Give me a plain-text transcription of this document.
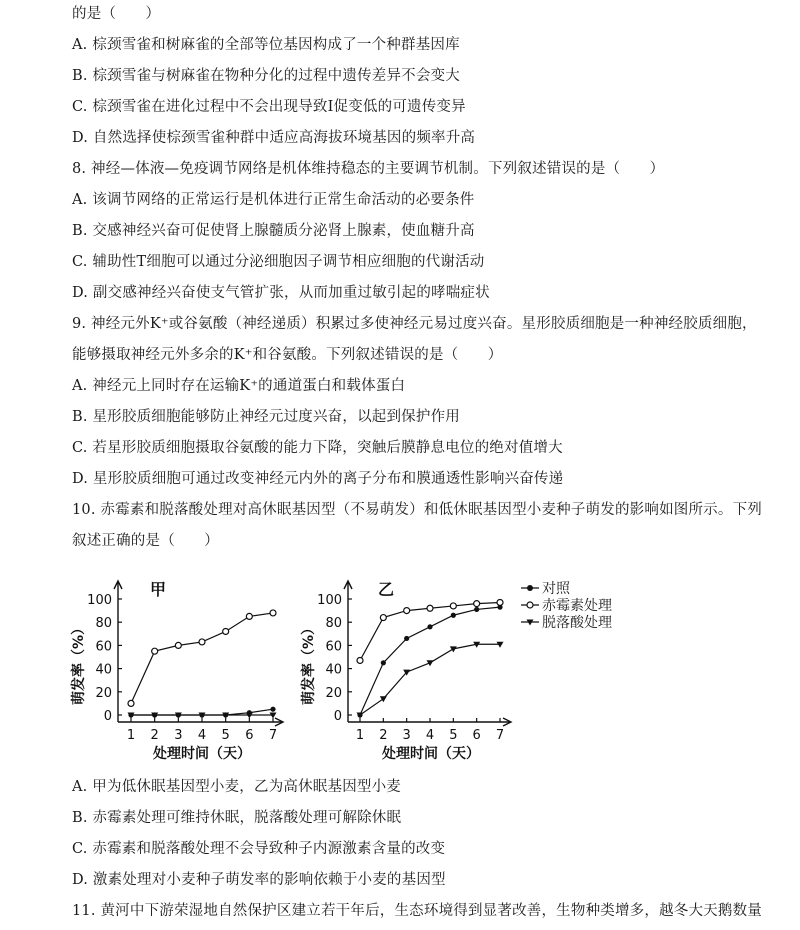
的是（　　）
A. 棕颈雪雀和树麻雀的全部等位基因构成了一个种群基因库
B. 棕颈雪雀与树麻雀在物种分化的过程中遗传差异不会变大
C. 棕颈雪雀在进化过程中不会出现导致Ⅰ促变低的可遗传变异
D. 自然选择使棕颈雪雀种群中适应高海拔环境基因的频率升高
8. 神经—体液—免疫调节网络是机体维持稳态的主要调节机制。下列叙述错误的是（　　）
A. 该调节网络的正常运行是机体进行正常生命活动的必要条件
B. 交感神经兴奋可促使肾上腺髓质分泌肾上腺素，使血糖升高
C. 辅助性T细胞可以通过分泌细胞因子调节相应细胞的代谢活动
D. 副交感神经兴奋使支气管扩张，从而加重过敏引起的哮喘症状
9. 神经元外K⁺或谷氨酸（神经递质）积累过多使神经元易过度兴奋。星形胶质细胞是一种神经胶质细胞，
能够摄取神经元外多余的K⁺和谷氨酸。下列叙述错误的是（　　）
A. 神经元上同时存在运输K⁺的通道蛋白和载体蛋白
B. 星形胶质细胞能够防止神经元过度兴奋，以起到保护作用
C. 若星形胶质细胞摄取谷氨酸的能力下降，突触后膜静息电位的绝对值增大
D. 星形胶质细胞可通过改变神经元内外的离子分布和膜通透性影响兴奋传递
10. 赤霉素和脱落酸处理对高休眠基因型（不易萌发）和低休眠基因型小麦种子萌发的影响如图所示。下列
叙述正确的是（　　）
甲
0
20
40
60
80
100
1 2 3 4 5 6 7
处理时间（天）
萌发率（%）
乙
0
20
40
60
80
100
1 2 3 4 5 6 7
处理时间（天）
萌发率（%）
对照
赤霉素处理
脱落酸处理
A. 甲为低休眠基因型小麦，乙为高休眠基因型小麦
B. 赤霉素处理可维持休眠，脱落酸处理可解除休眠
C. 赤霉素和脱落酸处理不会导致种子内源激素含量的改变
D. 激素处理对小麦种子萌发率的影响依赖于小麦的基因型
11. 黄河中下游荣湿地自然保护区建立若干年后，生态环境得到显著改善，生物种类增多，越冬大天鹅数量
